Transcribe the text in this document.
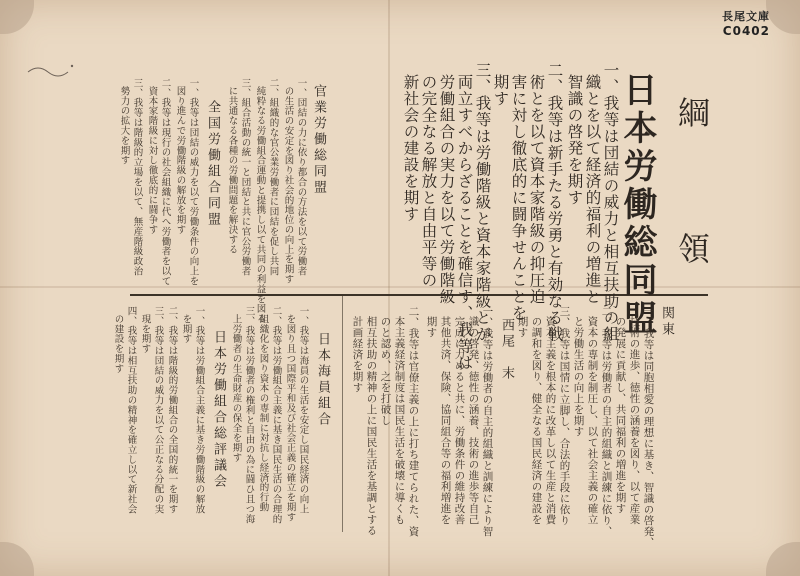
長尾文庫
C0402
日本労働総同盟 綱
領
一、我等は団結の威力と相互扶助の組
織とを以て経済的福利の増進と
智識の啓発を期す
二、我等は新手たる労勇と有効なる戦
術とを以て資本家階級の抑圧迫
害に対し徹底的に闘争せんことを
期す
三、我等は労働階級と資本家階級とが
両立すべからざることを確信す、我等は
労働組合の実力を以て労働階級
の完全なる解放と自由平等の
新社会の建設を期す
関東
一、我等は同胞相愛の理想に基き、智識の啓発、
技術の進歩、徳性の涵養を図り、以て産業
の発展に貢献し、共同福利の増進を期す
二、我等は労働者の自主的組織と訓練に依り、
資本の専制を制圧し、以て社会主義の確立
と労働生活の向上を期す
三、我等は国情に立脚し、合法的手段に依り
資本主義を根本的に改革し以て生産と消費
の調和を図り、健全なる国民経済の建設を
期す
西尾　末
一、我等は労働者の自主的組織と訓練により智
識の啓発、徳性の涵養、技術の進歩等自己
完成に力めると共に、労働条件の維持改善
其他共済、保険、協同組合等の福利増進を
期す
二、我等は官僚主義の上に打ち建てられた、資
本主義経済制度は国民生活を破壊に導くも
のと認め、之を打破し
相互扶助の精神の上に国民生活を基調とする
計画経済を期す
官業労働総同盟
一、団結の力に依り都合の方法を以て労働者
の生活の安定を図り社会的地位の向上を期す
二、組織的な官公業労働者に団結を促し共同
純粋なる労働組合運動と提携し以て共同の利益を図る
三、組合活動の統一と団結と共に官公労働者
に共通なる各種の労働問題を解決する
全国労働組合同盟
一、我等は団結の威力を以て労働条件の向上を
図り進んで労働階級の解放を期す
二、我等は現行の社会組織に代へ労働者を以て
資本家階級に対し徹底的に闘争す
三、我等は階級的立場を以て、無産階級政治
勢力の拡大を期す
日本海員組合
一、我等は海員の生活を安定し国民経済の向上
を図り且つ国際平和及び社会正義の確立を期す
二、我等は労働組合主義に基き国民生活の合理的
組織化を図り資本の専制に対抗し経済的行動
三、我等は労働者の権利と自由の為に闘ひ且つ海
上労働者の生命財産の保全を期す
日本労働組合総評議会
一、我等は労働組合主義に基き労働階級の解放
を期す
二、我等は階級的労働組合の全国的統一を期す
三、我等は団結の威力を以て公正なる分配の実
現を期す
四、我等は相互扶助の精神を確立し以て新社会
の建設を期す
